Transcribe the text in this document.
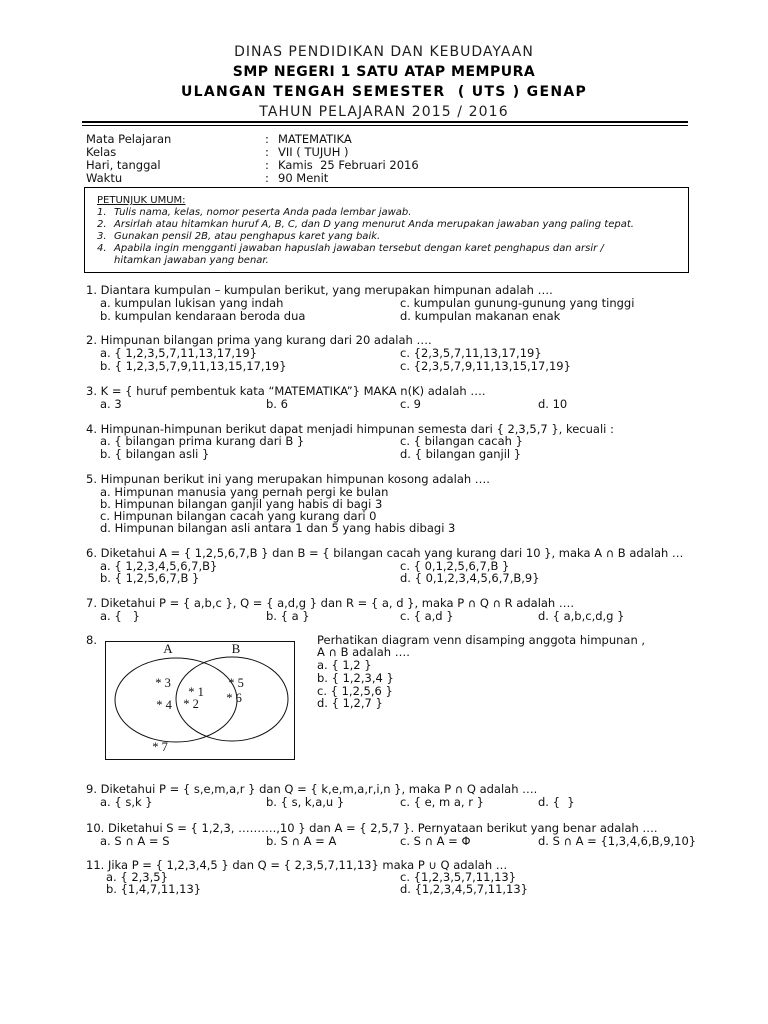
DINAS PENDIDIKAN DAN KEBUDAYAAN
SMP NEGERI 1 SATU ATAP MEMPURA
ULANGAN TENGAH SEMESTER  ( UTS ) GENAP
TAHUN PELAJARAN 2015 / 2016
Mata Pelajaran	: MATEMATIKA
Kelas	: VII ( TUJUH )
Hari, tanggal	: Kamis  25 Februari 2016
Waktu	: 90 Menit
PETUNJUK UMUM:
1. Tulis nama, kelas, nomor peserta Anda pada lembar jawab.
2. Arsirlah atau hitamkan huruf A, B, C, dan D yang menurut Anda merupakan jawaban yang paling tepat.
3. Gunakan pensil 2B, atau penghapus karet yang baik.
4. Apabila ingin mengganti jawaban hapuslah jawaban tersebut dengan karet penghapus dan arsir /
hitamkan jawaban yang benar.
1. Diantara kumpulan – kumpulan berikut, yang merupakan himpunan adalah ….
a. kumpulan lukisan yang indah	c. kumpulan gunung-gunung yang tinggi
b. kumpulan kendaraan beroda dua	d. kumpulan makanan enak
2. Himpunan bilangan prima yang kurang dari 20 adalah ….
a. { 1,2,3,5,7,11,13,17,19}	c. {2,3,5,7,11,13,17,19}
b. { 1,2,3,5,7,9,11,13,15,17,19}	c. {2,3,5,7,9,11,13,15,17,19}
3. K = { huruf pembentuk kata “MATEMATIKA”} MAKA n(K) adalah ….
a. 3	b. 6	c. 9	d. 10
4. Himpunan-himpunan berikut dapat menjadi himpunan semesta dari { 2,3,5,7 }, kecuali :
a. { bilangan prima kurang dari B }	c. { bilangan cacah }
b. { bilangan asli }	d. { bilangan ganjil }
5. Himpunan berikut ini yang merupakan himpunan kosong adalah ….
a. Himpunan manusia yang pernah pergi ke bulan
b. Himpunan bilangan ganjil yang habis di bagi 3
c. Himpunan bilangan cacah yang kurang dari 0
d. Himpunan bilangan asli antara 1 dan 5 yang habis dibagi 3
6. Diketahui A = { 1,2,5,6,7,B } dan B = { bilangan cacah yang kurang dari 10 }, maka A ∩ B adalah …
a. { 1,2,3,4,5,6,7,B}	c. { 0,1,2,5,6,7,B }
b. { 1,2,5,6,7,B }	d. { 0,1,2,3,4,5,6,7,B,9}
7. Diketahui P = { a,b,c }, Q = { a,d,g } dan R = { a, d }, maka P ∩ Q ∩ R adalah ….
a. {   }	b. { a }	c. { a,d }	d. { a,b,c,d,g }
8.
A	B
* 3
* 4
* 1
* 2
* 5
* 6
* 7
Perhatikan diagram venn disamping anggota himpunan ,
A ∩ B adalah ….
a. { 1,2 }
b. { 1,2,3,4 }
c. { 1,2,5,6 }
d. { 1,2,7 }
9. Diketahui P = { s,e,m,a,r } dan Q = { k,e,m,a,r,i,n }, maka P ∩ Q adalah ….
a. { s,k }	b. { s, k,a,u }	c. { e, m a, r }	d. {  }
10. Diketahui S = { 1,2,3, ……….,10 } dan A = { 2,5,7 }. Pernyataan berikut yang benar adalah ….
a. S ∩ A = S	b. S ∩ A = A	c. S ∩ A = Φ	d. S ∩ A = {1,3,4,6,B,9,10}
11. Jika P = { 1,2,3,4,5 } dan Q = { 2,3,5,7,11,13} maka P ∪ Q adalah …
a. { 2,3,5}	c. {1,2,3,5,7,11,13}
b. {1,4,7,11,13}	d. {1,2,3,4,5,7,11,13}
